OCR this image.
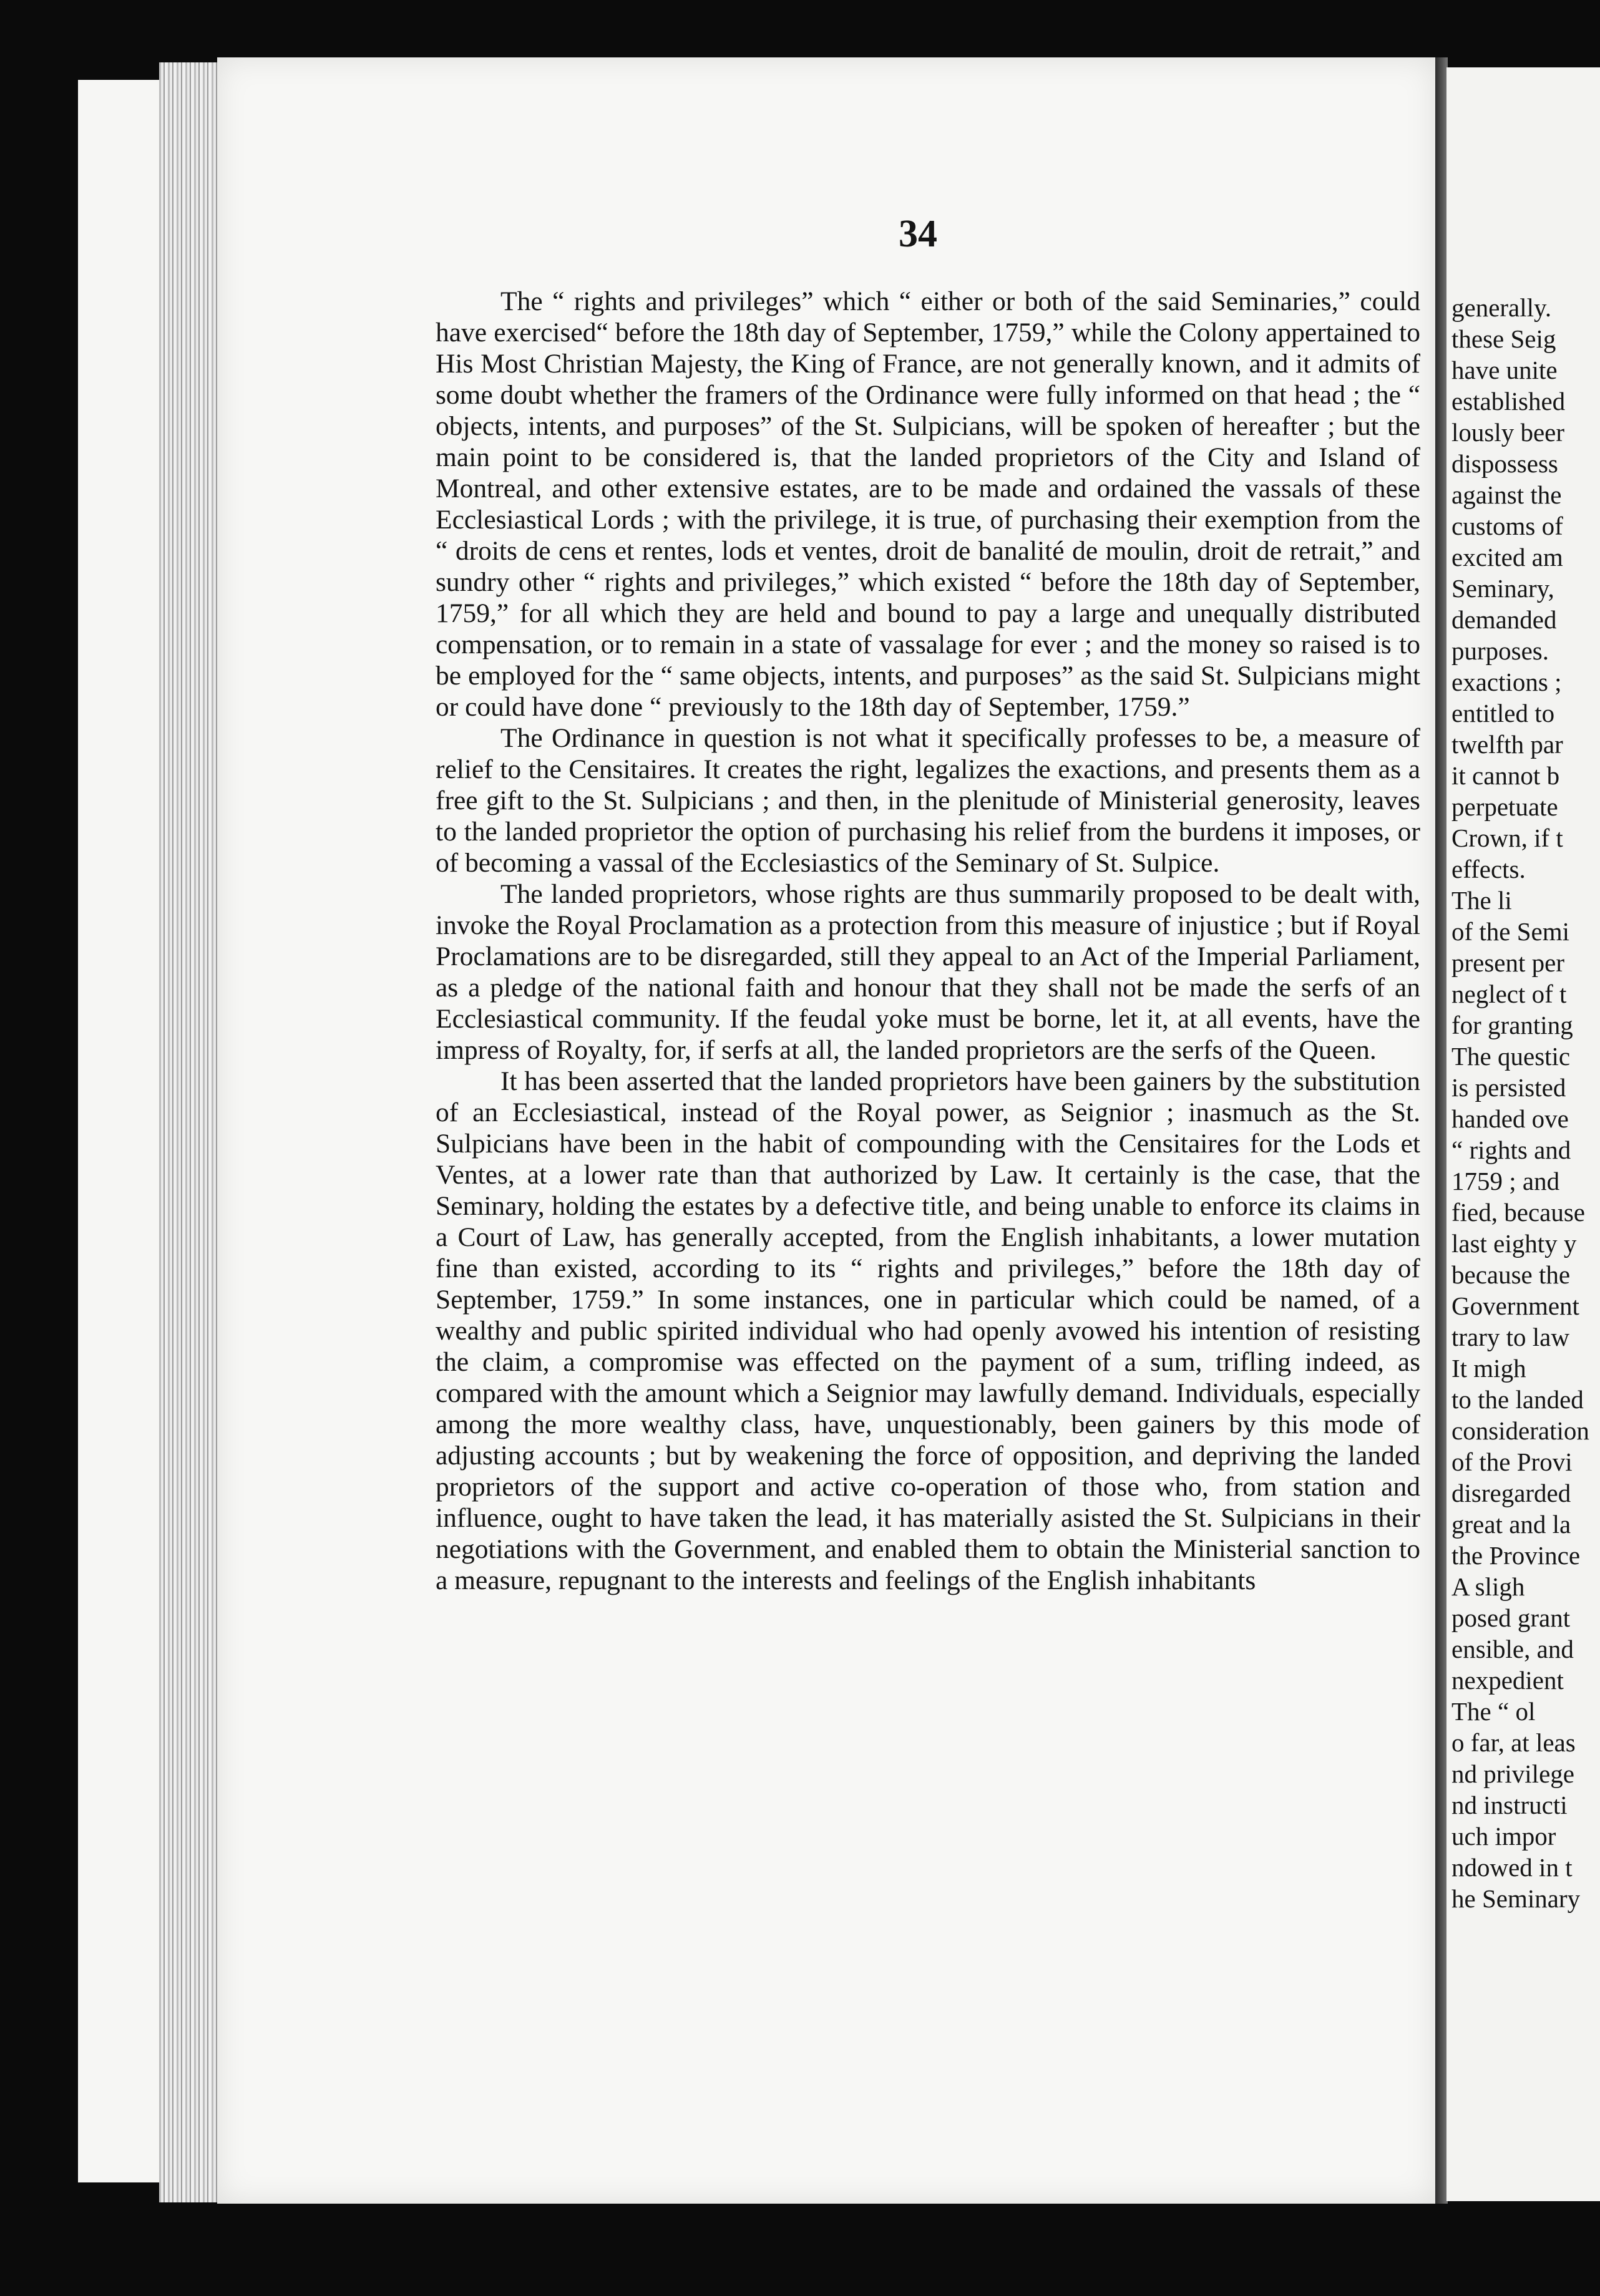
34

The “ rights and privileges” which “ either or both of the said Seminaries,” could have exercised“ before the 18th day of September, 1759,” while the Colony appertained to His Most Christian Majesty, the King of France, are not generally known, and it admits of some doubt whether the framers of the Ordinance were fully informed on that head ; the “ objects, intents, and purposes” of the St. Sulpicians, will be spoken of hereafter ; but the main point to be considered is, that the landed proprietors of the City and Island of Montreal, and other extensive estates, are to be made and ordained the vassals of these Ecclesiastical Lords ; with the privilege, it is true, of purchasing their exemption from the “ droits de cens et rentes, lods et ventes, droit de banalité de moulin, droit de retrait,” and sundry other “ rights and privileges,” which existed “ before the 18th day of September, 1759,” for all which they are held and bound to pay a large and unequally distributed compensation, or to remain in a state of vassalage for ever ; and the money so raised is to be employed for the “ same objects, intents, and purposes” as the said St. Sulpicians might or could have done “ previously to the 18th day of September, 1759.”

The Ordinance in question is not what it specifically professes to be, a measure of relief to the Censitaires. It creates the right, legalizes the exactions, and presents them as a free gift to the St. Sulpicians ; and then, in the plenitude of Ministerial generosity, leaves to the landed proprietor the option of purchasing his relief from the burdens it imposes, or of becoming a vassal of the Ecclesiastics of the Seminary of St. Sulpice.

The landed proprietors, whose rights are thus summarily proposed to be dealt with, invoke the Royal Proclamation as a protection from this measure of injustice ; but if Royal Proclamations are to be disregarded, still they appeal to an Act of the Imperial Parliament, as a pledge of the national faith and honour that they shall not be made the serfs of an Ecclesiastical community. If the feudal yoke must be borne, let it, at all events, have the impress of Royalty, for, if serfs at all, the landed proprietors are the serfs of the Queen.

It has been asserted that the landed proprietors have been gainers by the substitution of an Ecclesiastical, instead of the Royal power, as Seignior ; inasmuch as the St. Sulpicians have been in the habit of compounding with the Censitaires for the Lods et Ventes, at a lower rate than that authorized by Law. It certainly is the case, that the Seminary, holding the estates by a defective title, and being unable to enforce its claims in a Court of Law, has generally accepted, from the English inhabitants, a lower mutation fine than existed, according to its “ rights and privileges,” before the 18th day of September, 1759.” In some instances, one in particular which could be named, of a wealthy and public spirited individual who had openly avowed his intention of resisting the claim, a compromise was effected on the payment of a sum, trifling indeed, as compared with the amount which a Seignior may lawfully demand. Individuals, especially among the more wealthy class, have, unquestionably, been gainers by this mode of adjusting accounts ; but by weakening the force of opposition, and depriving the landed proprietors of the support and active co-operation of those who, from station and influence, ought to have taken the lead, it has materially asisted the St. Sulpicians in their negotiations with the Government, and enabled them to obtain the Ministerial sanction to a measure, repugnant to the interests and feelings of the English inhabitants

generally.
these Seig
have unite
established
lously beer
dispossess
against the
customs of
excited am
Seminary,
demanded
purposes.
exactions ;
entitled to
twelfth par
it cannot b
perpetuate
Crown, if t
effects.
The li
of the Semi
present per
neglect of t
for granting
The questic
is persisted
handed ove
“ rights and
1759 ; and
fied, because
last eighty y
because the
Government
trary to law
It migh
to the landed
consideration
of the Provi
disregarded
great and la
the Province
A sligh
posed grant
ensible, and
nexpedient
The “ ol
o far, at leas
nd privilege
nd instructi
uch impor
ndowed in t
he Seminary
